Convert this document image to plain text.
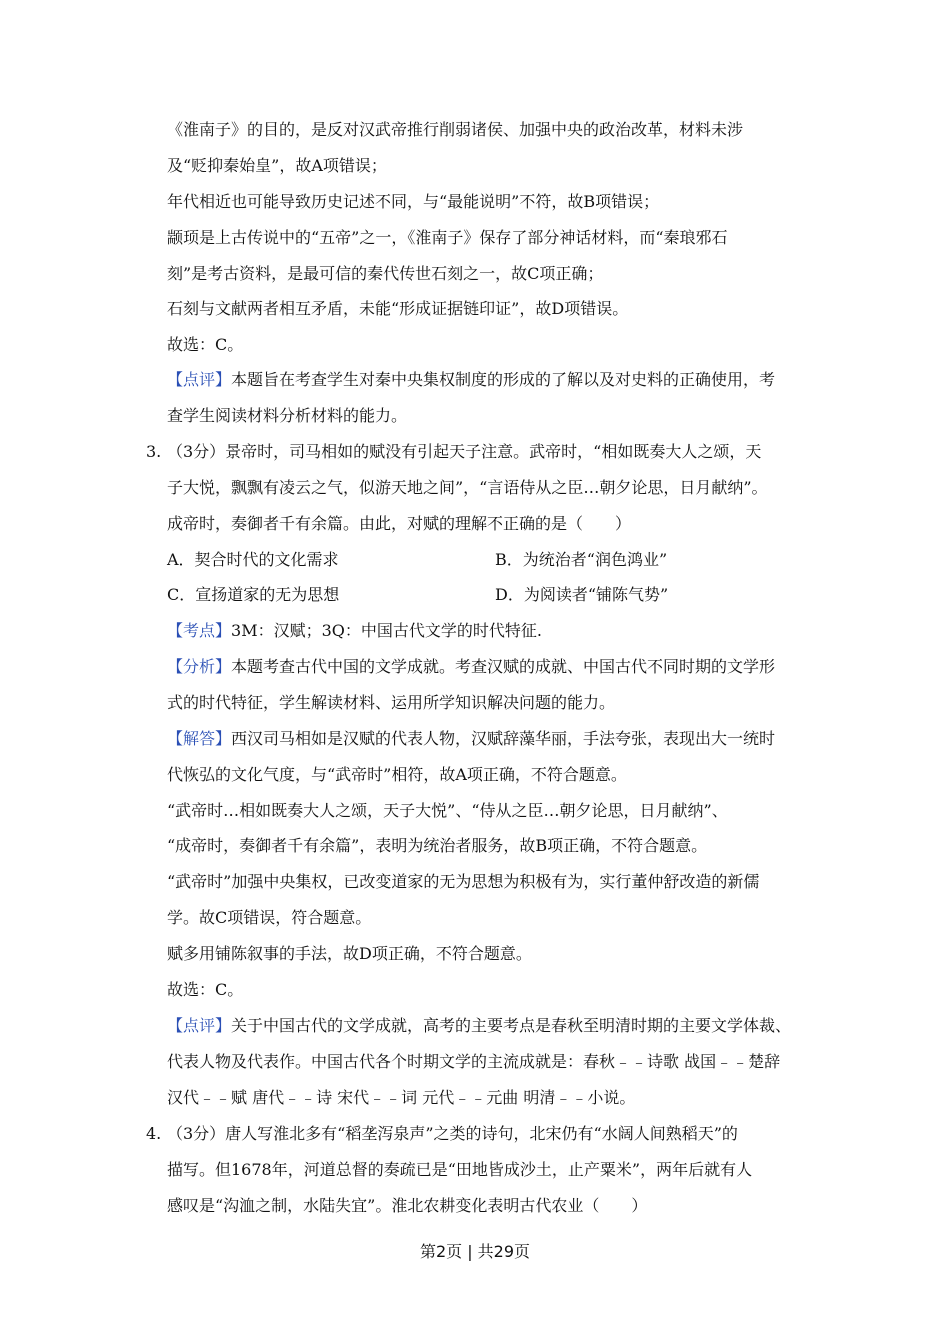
《淮南子》的目的，是反对汉武帝推行削弱诸侯、加强中央的政治改革，材料未涉
及“贬抑秦始皇”，故A项错误；
年代相近也可能导致历史记述不同，与“最能说明”不符，故B项错误；
颛顼是上古传说中的“五帝”之一，《淮南子》保存了部分神话材料，而“秦琅邪石
刻”是考古资料，是最可信的秦代传世石刻之一，故C项正确；
石刻与文献两者相互矛盾，未能“形成证据链印证”，故D项错误。
故选：C。
【点评】本题旨在考查学生对秦中央集权制度的形成的了解以及对史料的正确使用，考
查学生阅读材料分析材料的能力。
3. （3分）景帝时，司马相如的赋没有引起天子注意。武帝时，“相如既奏大人之颂，天
子大悦，飘飘有凌云之气，似游天地之间”，“言语侍从之臣…朝夕论思，日月献纳”。
成帝时，奏御者千有余篇。由此，对赋的理解不正确的是（　　）
A．契合时代的文化需求	B．为统治者“润色鸿业”
C．宣扬道家的无为思想	D．为阅读者“铺陈气势”
【考点】3M：汉赋；3Q：中国古代文学的时代特征.
【分析】本题考查古代中国的文学成就。考查汉赋的成就、中国古代不同时期的文学形
式的时代特征，学生解读材料、运用所学知识解决问题的能力。
【解答】西汉司马相如是汉赋的代表人物，汉赋辞藻华丽，手法夸张，表现出大一统时
代恢弘的文化气度，与“武帝时”相符，故A项正确，不符合题意。
“武帝时…相如既奏大人之颂，天子大悦”、“侍从之臣…朝夕论思，日月献纳”、
“成帝时，奏御者千有余篇”，表明为统治者服务，故B项正确，不符合题意。
“武帝时”加强中央集权，已改变道家的无为思想为积极有为，实行董仲舒改造的新儒
学。故C项错误，符合题意。
赋多用铺陈叙事的手法，故D项正确，不符合题意。
故选：C。
【点评】关于中国古代的文学成就，高考的主要考点是春秋至明清时期的主要文学体裁、
代表人物及代表作。中国古代各个时期文学的主流成就是：春秋﹣﹣诗歌 战国﹣﹣楚辞
汉代﹣﹣赋 唐代﹣﹣诗 宋代﹣﹣词 元代﹣﹣元曲 明清﹣﹣小说。
4. （3分）唐人写淮北多有“稻垄泻泉声”之类的诗句，北宋仍有“水阔人间熟稻天”的
描写。但1678年，河道总督的奏疏已是“田地皆成沙土，止产粟米”，两年后就有人
感叹是“沟洫之制，水陆失宜”。淮北农耕变化表明古代农业（　　）
第2页 | 共29页
